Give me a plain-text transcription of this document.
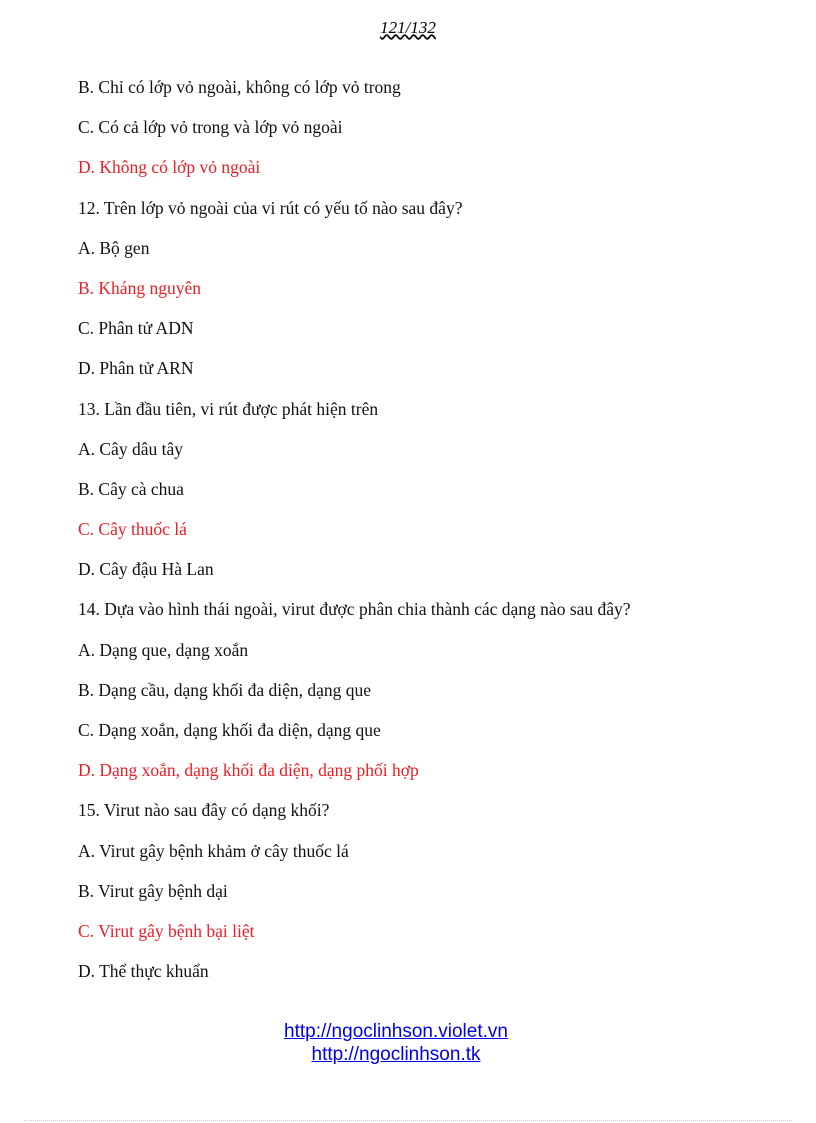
121/132
B. Chỉ có lớp vỏ ngoài, không có lớp vỏ trong
C. Có cả lớp vỏ trong và lớp vỏ ngoài
D. Không có lớp vỏ ngoài
12. Trên lớp vỏ ngoài của vi rút có yếu tố nào sau đây?
A. Bộ gen
B. Kháng nguyên
C. Phân tử ADN
D. Phân tử ARN
13. Lần đầu tiên, vi rút được phát hiện trên
A. Cây dâu tây
B. Cây cà chua
C. Cây thuốc lá
D. Cây đậu Hà Lan
14. Dựa vào hình thái ngoài, virut được phân chia thành các dạng nào sau đây?
A. Dạng que, dạng xoắn
B. Dạng cầu, dạng khối đa diện, dạng que
C. Dạng xoắn, dạng khối đa diện, dạng que
D. Dạng xoắn, dạng khối đa diện, dạng phối hợp
15. Virut nào sau đây có dạng khối?
A. Virut gây bệnh khảm ở cây thuốc lá
B. Virut gây bệnh dại
C. Virut gây bệnh bại liệt
D. Thể thực khuẩn
http://ngoclinhson.violet.vn
http://ngoclinhson.tk
